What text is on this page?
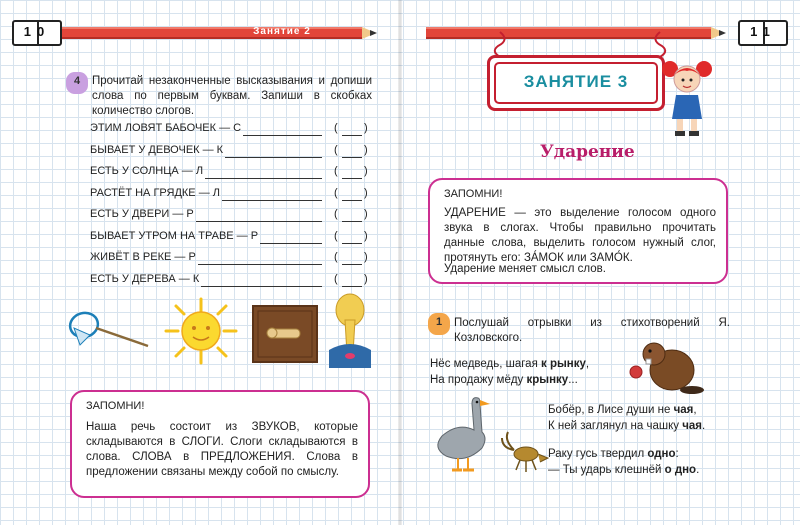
10	Занятие 2
4	Прочитай незаконченные высказывания и допиши слова по первым буквам. Запиши в скобках количество слогов.
ЭТИМ ЛОВЯТ БАБОЧЕК — С	( )
БЫВАЕТ У ДЕВОЧЕК — К	( )
ЕСТЬ У СОЛНЦА — Л	( )
РАСТЁТ НА ГРЯДКЕ — Л	( )
ЕСТЬ У ДВЕРИ — Р	( )
БЫВАЕТ УТРОМ НА ТРАВЕ — Р	( )
ЖИВЁТ В РЕКЕ — Р	( )
ЕСТЬ У ДЕРЕВА — К	( )
ЗАПОМНИ!
Наша речь состоит из ЗВУКОВ, которые складываются в СЛОГИ. Слоги складываются в слова. СЛОВА в ПРЕДЛОЖЕНИЯ. Слова в предложении связаны между собой по смыслу.
11
ЗАНЯТИЕ 3
Ударение
ЗАПОМНИ!
УДАРЕНИЕ — это выделение голосом одного звука в слогах. Чтобы правильно прочитать данные слова, выделить голосом нужный слог, протянуть его: ЗА́МОК или ЗАМО́К.
Ударение меняет смысл слов.
1	Послушай отрывки из стихотворений Я. Козловского.
Нёс медведь, шагая к рынку,
На продажу мёду крынку...
Бобёр, в Лисе души не чая,
К ней заглянул на чашку чая.
Раку гусь твердил одно:
— Ты ударь клешнёй о дно.
